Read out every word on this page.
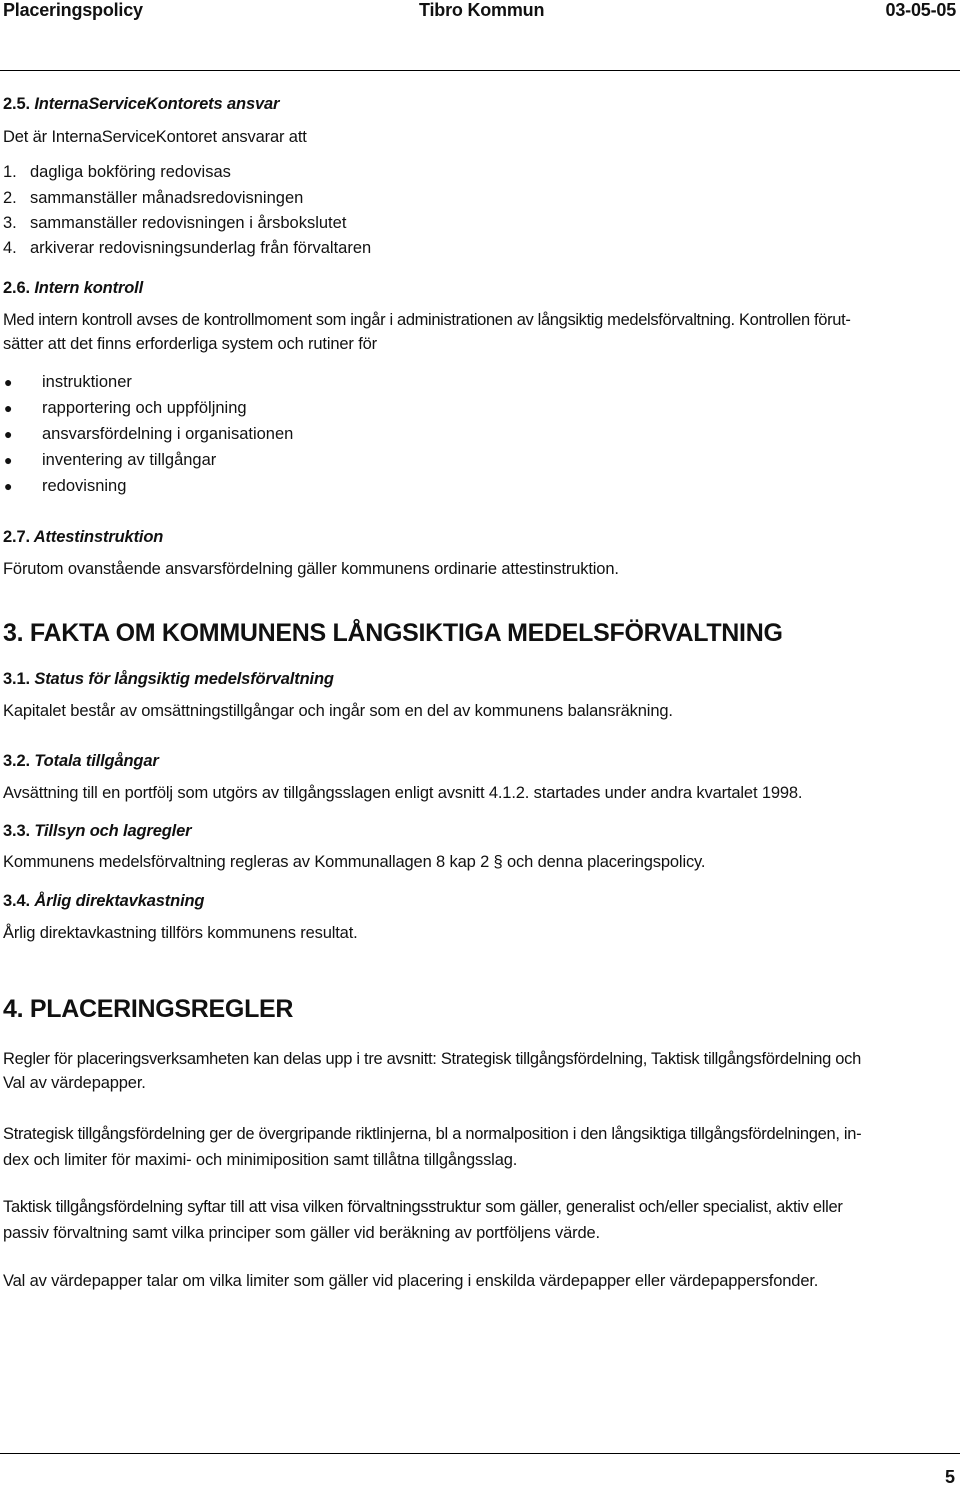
Placeringspolicy	Tibro Kommun	03-05-05
2.5. InternaServiceKontorets ansvar
Det är InternaServiceKontoret ansvarar att
1. dagliga bokföring redovisas
2. sammanställer månadsredovisningen
3. sammanställer redovisningen i årsbokslutet
4. arkiverar redovisningsunderlag från förvaltaren
2.6. Intern kontroll
Med intern kontroll avses de kontrollmoment som ingår i administrationen av långsiktig medelsförvaltning. Kontrollen förut-
sätter att det finns erforderliga system och rutiner för
● instruktioner
● rapportering och uppföljning
● ansvarsfördelning i organisationen
● inventering av tillgångar
● redovisning
2.7. Attestinstruktion
Förutom ovanstående ansvarsfördelning gäller kommunens ordinarie attestinstruktion.
3. FAKTA OM KOMMUNENS LÅNGSIKTIGA MEDELSFÖRVALTNING
3.1. Status för långsiktig medelsförvaltning
Kapitalet består av omsättningstillgångar och ingår som en del av kommunens balansräkning.
3.2. Totala tillgångar
Avsättning till en portfölj som utgörs av tillgångsslagen enligt avsnitt 4.1.2. startades under andra kvartalet 1998.
3.3. Tillsyn och lagregler
Kommunens medelsförvaltning regleras av Kommunallagen 8 kap 2 § och denna placeringspolicy.
3.4. Årlig direktavkastning
Årlig direktavkastning tillförs kommunens resultat.
4. PLACERINGSREGLER
Regler för placeringsverksamheten kan delas upp i tre avsnitt: Strategisk tillgångsfördelning, Taktisk tillgångsfördelning och
Val av värdepapper.
Strategisk tillgångsfördelning ger de övergripande riktlinjerna, bl a normalposition i den långsiktiga tillgångsfördelningen, in-
dex och limiter för maximi- och minimiposition samt tillåtna tillgångsslag.
Taktisk tillgångsfördelning syftar till att visa vilken förvaltningsstruktur som gäller, generalist och/eller specialist, aktiv eller
passiv förvaltning samt vilka principer som gäller vid beräkning av portföljens värde.
Val av värdepapper talar om vilka limiter som gäller vid placering i enskilda värdepapper eller värdepappersfonder.
5
